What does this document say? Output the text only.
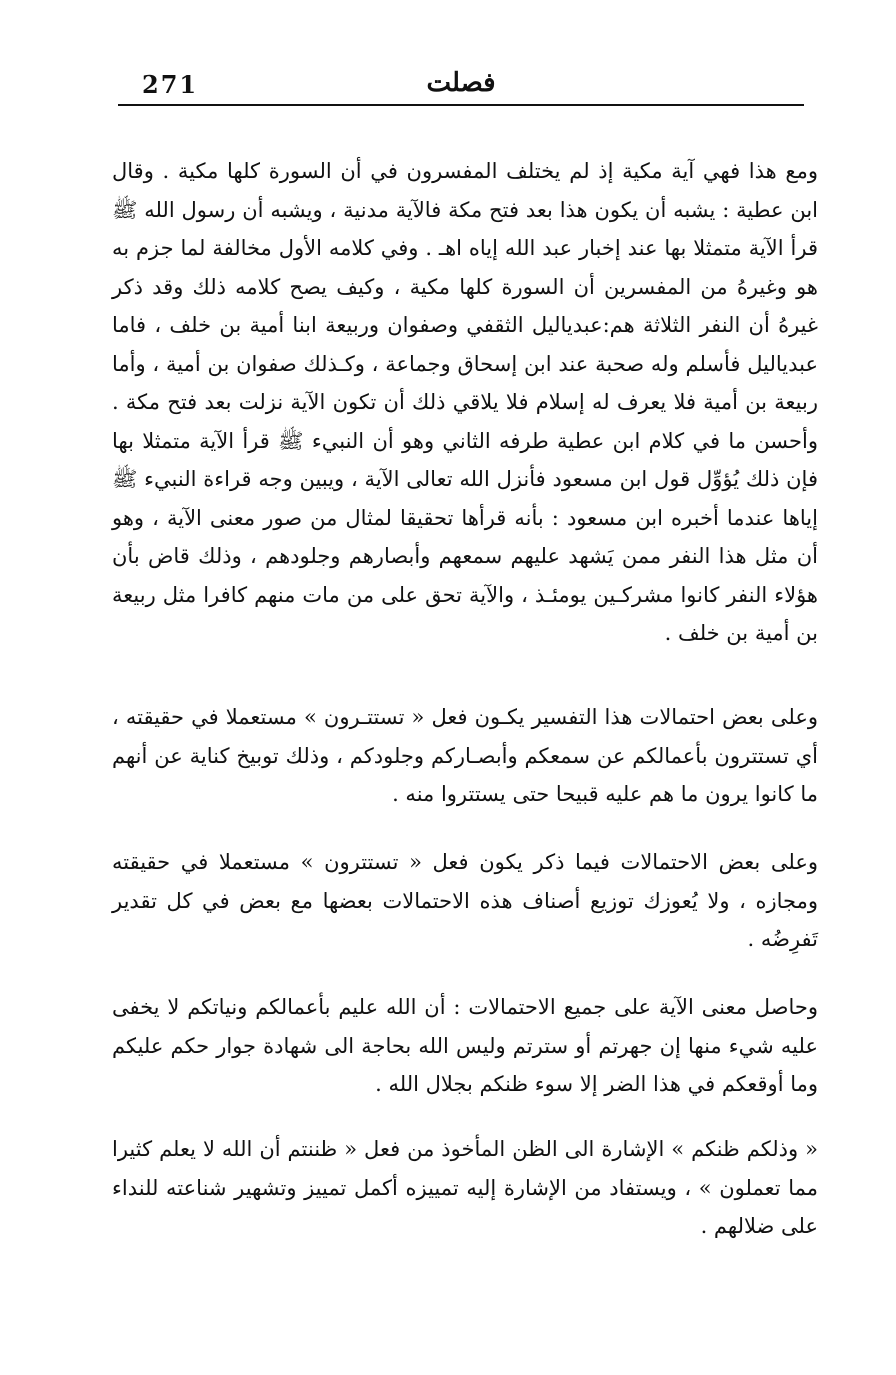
271	فصلت

ومع هذا فهي آية مكية إذ لم يختلف المفسرون في أن السورة كلها مكية . وقال ابن عطية : يشبه أن يكون هذا بعد فتح مكة فالآية مدنية ، ويشبه أن رسول الله ﷺ قرأ الآية متمثلا بها عند إخبار عبد الله إياه اهـ . وفي كلامه الأول مخالفة لما جزم به هو وغيرهُ من المفسرين أن السورة كلها مكية ، وكيف يصح كلامه ذلك وقد ذكر غيرهُ أن النفر الثلاثة هم:عبدياليل الثقفي وصفوان وربيعة ابنا أمية بن خلف ، فاما عبدياليل فأسلم وله صحبة عند ابن إسحاق وجماعة ، وكـذلك صفوان بن أمية ، وأما ربيعة بن أمية فلا يعرف له إسلام فلا يلاقي ذلك أن تكون الآية نزلت بعد فتح مكة . وأحسن ما في كلام ابن عطية طرفه الثاني وهو أن النبيء ﷺ قرأ الآية متمثلا بها فإن ذلك يُؤوِّل قول ابن مسعود فأنزل الله تعالى الآية ، ويبين وجه قراءة النبيء ﷺ إياها عندما أخبره ابن مسعود : بأنه قرأها تحقيقا لمثال من صور معنى الآية ، وهو أن مثل هذا النفر ممن يَشهد عليهم سمعهم وأبصارهم وجلودهم ، وذلك قاض بأن هؤلاء النفر كانوا مشركـين يومئـذ ، والآية تحق على من مات منهم كافرا مثل ربيعة بن أمية بن خلف .

وعلى بعض احتمالات هذا التفسير يكـون فعل « تستتـرون » مستعملا في حقيقته ، أي تستترون بأعمالكم عن سمعكم وأبصـاركم وجلودكم ، وذلك توبيخ كناية عن أنهم ما كانوا يرون ما هم عليه قبيحا حتى يستتروا منه .

وعلى بعض الاحتمالات فيما ذكر يكون فعل « تستترون » مستعملا في حقيقته ومجازه ، ولا يُعوزك توزيع أصناف هذه الاحتمالات بعضها مع بعض في كل تقدير تَفرِضُه .

وحاصل معنى الآية على جميع الاحتمالات : أن الله عليم بأعمالكم ونياتكم لا يخفى عليه شيء منها إن جهرتم أو سترتم وليس الله بحاجة الى شهادة جوار حكم عليكم وما أوقعكم في هذا الضر إلا سوء ظنكم بجلال الله .

« وذلكم ظنكم » الإشارة الى الظن المأخوذ من فعل « ظننتم أن الله لا يعلم كثيرا مما تعملون » ، ويستفاد من الإشارة إليه تمييزه أكمل تمييز وتشهير شناعته للنداء على ضلالهم .
